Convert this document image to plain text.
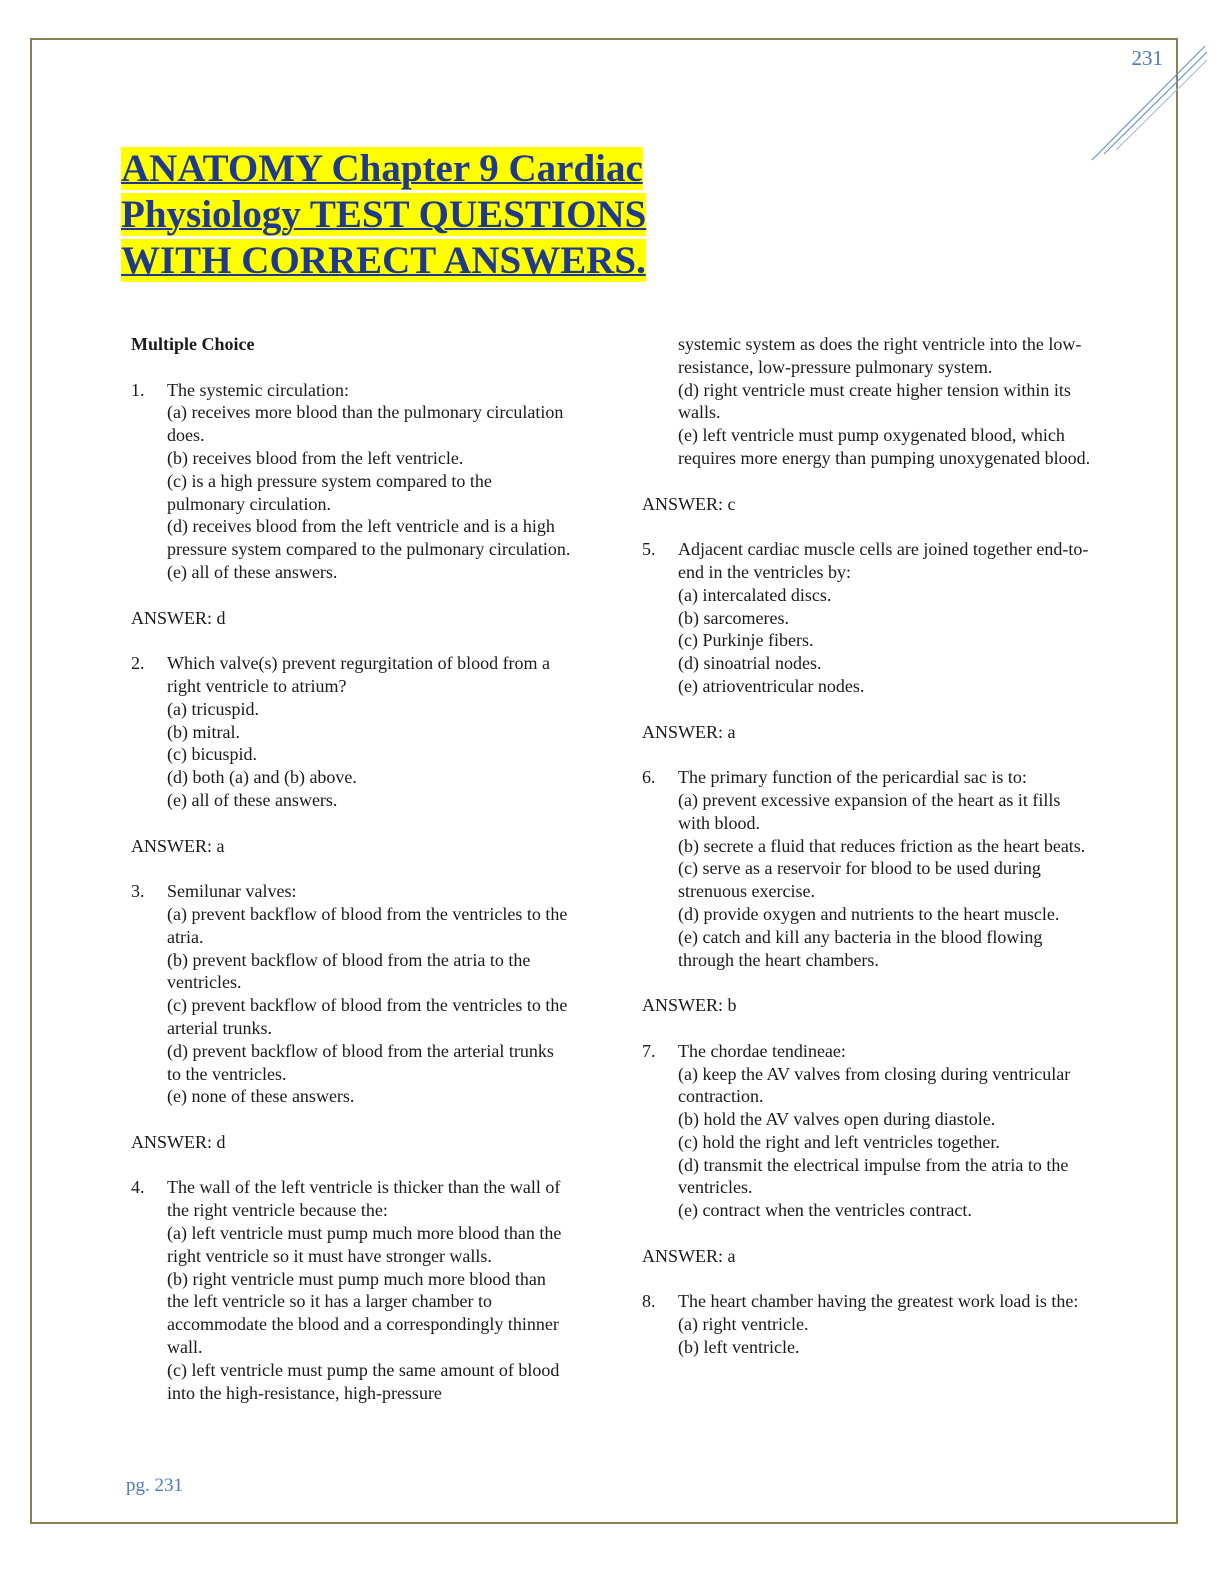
231
ANATOMY Chapter 9 Cardiac Physiology TEST QUESTIONS WITH CORRECT ANSWERS.
Multiple Choice
1.	The systemic circulation:
(a) receives more blood than the pulmonary circulation does.
(b) receives blood from the left ventricle.
(c) is a high pressure system compared to the pulmonary circulation.
(d) receives blood from the left ventricle and is a high pressure system compared to the pulmonary circulation.
(e) all of these answers.
ANSWER: d
2.	Which valve(s) prevent regurgitation of blood from a right ventricle to atrium?
(a) tricuspid.
(b) mitral.
(c) bicuspid.
(d) both (a) and (b) above.
(e) all of these answers.
ANSWER: a
3.	Semilunar valves:
(a) prevent backflow of blood from the ventricles to the atria.
(b) prevent backflow of blood from the atria to the ventricles.
(c) prevent backflow of blood from the ventricles to the arterial trunks.
(d) prevent backflow of blood from the arterial trunks to the ventricles.
(e) none of these answers.
ANSWER: d
4.	The wall of the left ventricle is thicker than the wall of the right ventricle because the:
(a) left ventricle must pump much more blood than the right ventricle so it must have stronger walls.
(b) right ventricle must pump much more blood than the left ventricle so it has a larger chamber to accommodate the blood and a correspondingly thinner wall.
(c) left ventricle must pump the same amount of blood into the high-resistance, high-pressure
systemic system as does the right ventricle into the low-resistance, low-pressure pulmonary system.
(d) right ventricle must create higher tension within its walls.
(e) left ventricle must pump oxygenated blood, which requires more energy than pumping unoxygenated blood.
ANSWER: c
5.	Adjacent cardiac muscle cells are joined together end-to-end in the ventricles by:
(a) intercalated discs.
(b) sarcomeres.
(c) Purkinje fibers.
(d) sinoatrial nodes.
(e) atrioventricular nodes.
ANSWER: a
6.	The primary function of the pericardial sac is to:
(a) prevent excessive expansion of the heart as it fills with blood.
(b) secrete a fluid that reduces friction as the heart beats.
(c) serve as a reservoir for blood to be used during strenuous exercise.
(d) provide oxygen and nutrients to the heart muscle.
(e) catch and kill any bacteria in the blood flowing through the heart chambers.
ANSWER: b
7.	The chordae tendineae:
(a) keep the AV valves from closing during ventricular contraction.
(b) hold the AV valves open during diastole.
(c) hold the right and left ventricles together.
(d) transmit the electrical impulse from the atria to the ventricles.
(e) contract when the ventricles contract.
ANSWER: a
8.	The heart chamber having the greatest work load is the:
(a) right ventricle.
(b) left ventricle.
pg. 231
